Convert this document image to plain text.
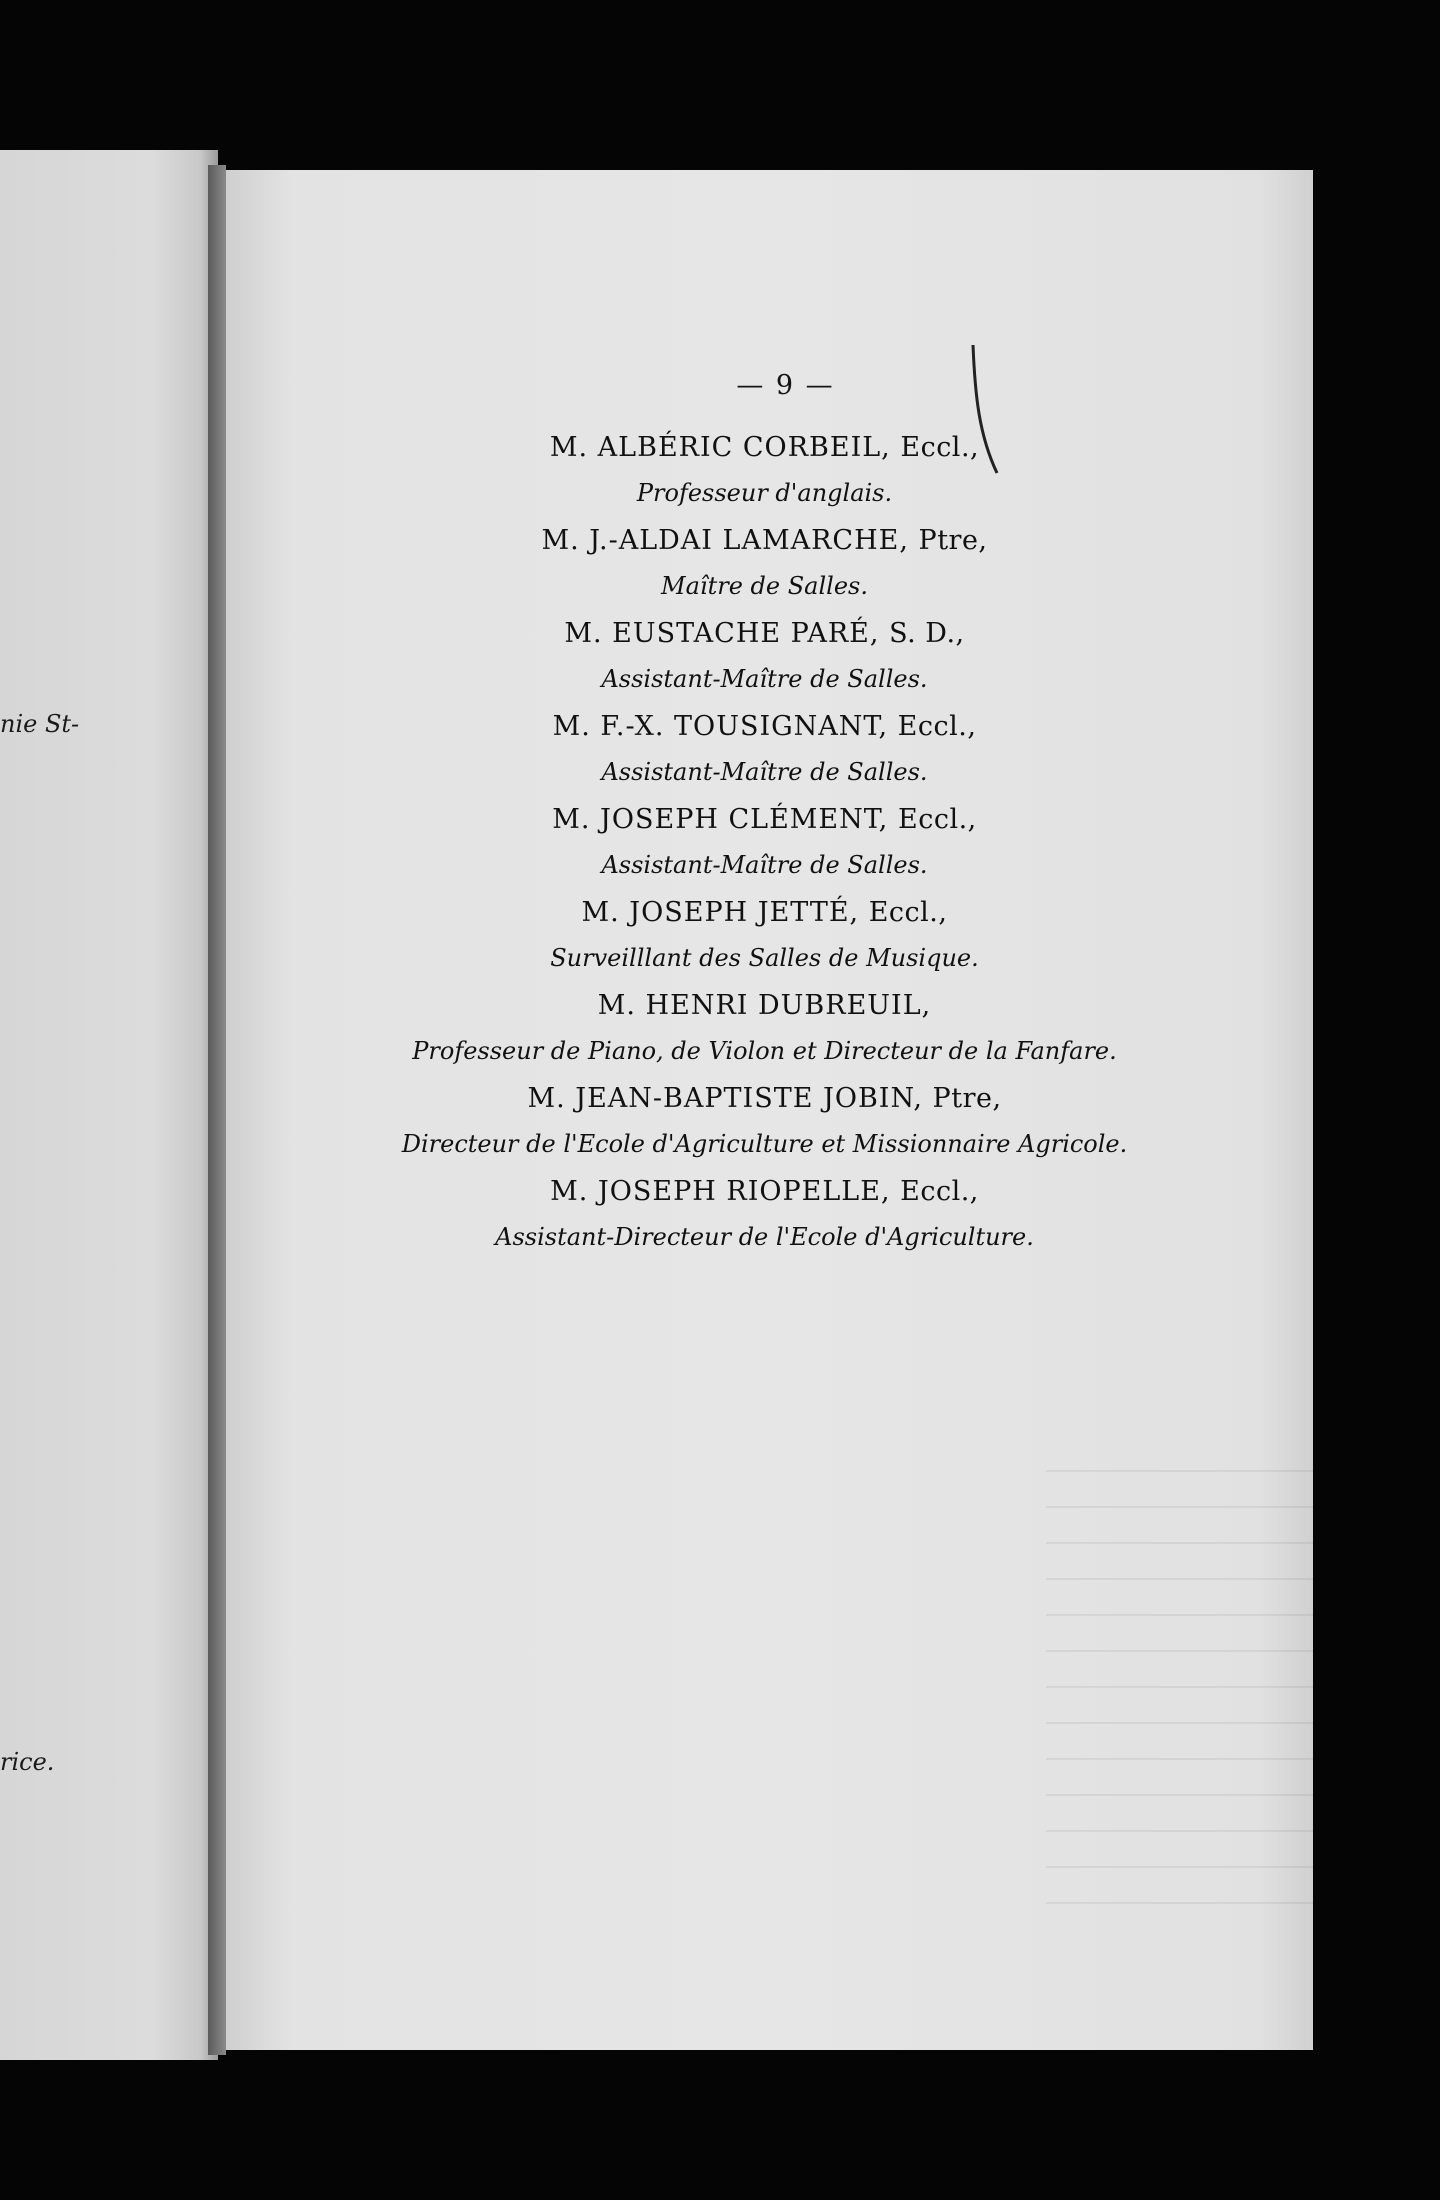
nie St-
rice.
— 9 —
M. ALBÉRIC CORBEIL, Eccl.,
Professeur d'anglais.
M. J.-ALDAI LAMARCHE, Ptre,
Maître de Salles.
M. EUSTACHE PARÉ, S. D.,
Assistant-Maître de Salles.
M. F.-X. TOUSIGNANT, Eccl.,
Assistant-Maître de Salles.
M. JOSEPH CLÉMENT, Eccl.,
Assistant-Maître de Salles.
M. JOSEPH JETTÉ, Eccl.,
Surveilllant des Salles de Musique.
M. HENRI DUBREUIL,
Professeur de Piano, de Violon et Directeur de la Fanfare.
M. JEAN-BAPTISTE JOBIN, Ptre,
Directeur de l'Ecole d'Agriculture et Missionnaire Agricole.
M. JOSEPH RIOPELLE, Eccl.,
Assistant-Directeur de l'Ecole d'Agriculture.
